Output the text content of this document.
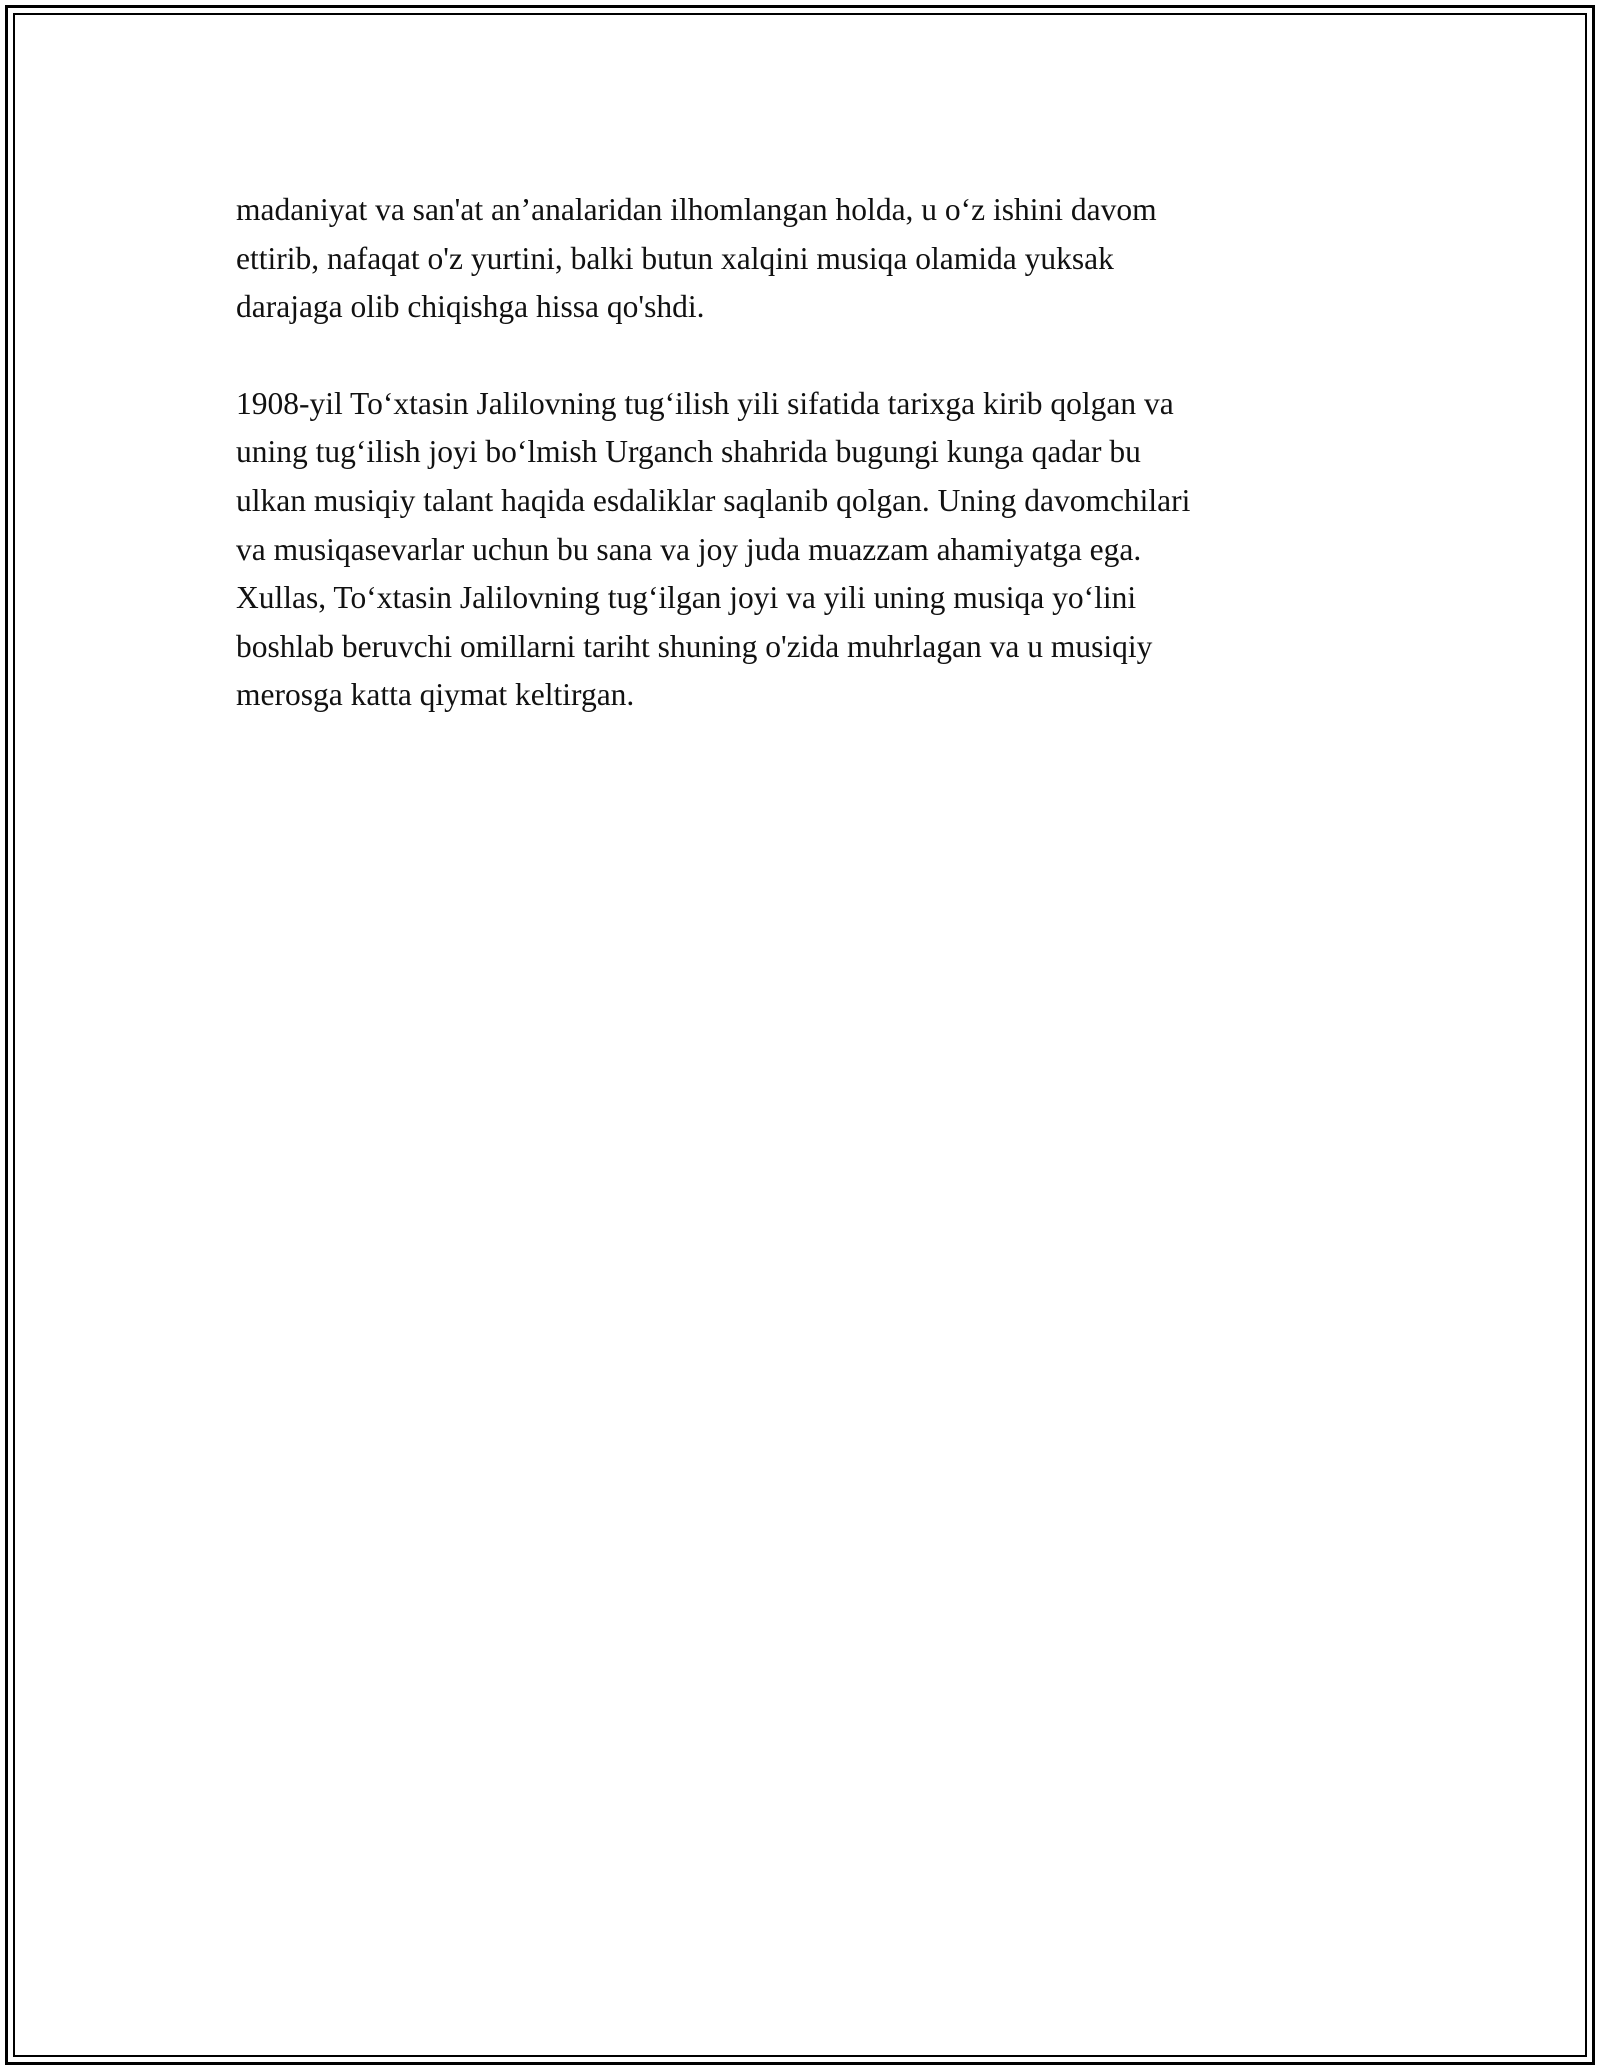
madaniyat va san'at an’analaridan ilhomlangan holda, u o‘z ishini davom
ettirib, nafaqat o'z yurtini, balki butun xalqini musiqa olamida yuksak
darajaga olib chiqishga hissa qo'shdi.
1908-yil To‘xtasin Jalilovning tug‘ilish yili sifatida tarixga kirib qolgan va
uning tug‘ilish joyi bo‘lmish Urganch shahrida bugungi kunga qadar bu
ulkan musiqiy talant haqida esdaliklar saqlanib qolgan. Uning davomchilari
va musiqasevarlar uchun bu sana va joy juda muazzam ahamiyatga ega.
Xullas, To‘xtasin Jalilovning tug‘ilgan joyi va yili uning musiqa yo‘lini
boshlab beruvchi omillarni tariht shuning o'zida muhrlagan va u musiqiy
merosga katta qiymat keltirgan.
